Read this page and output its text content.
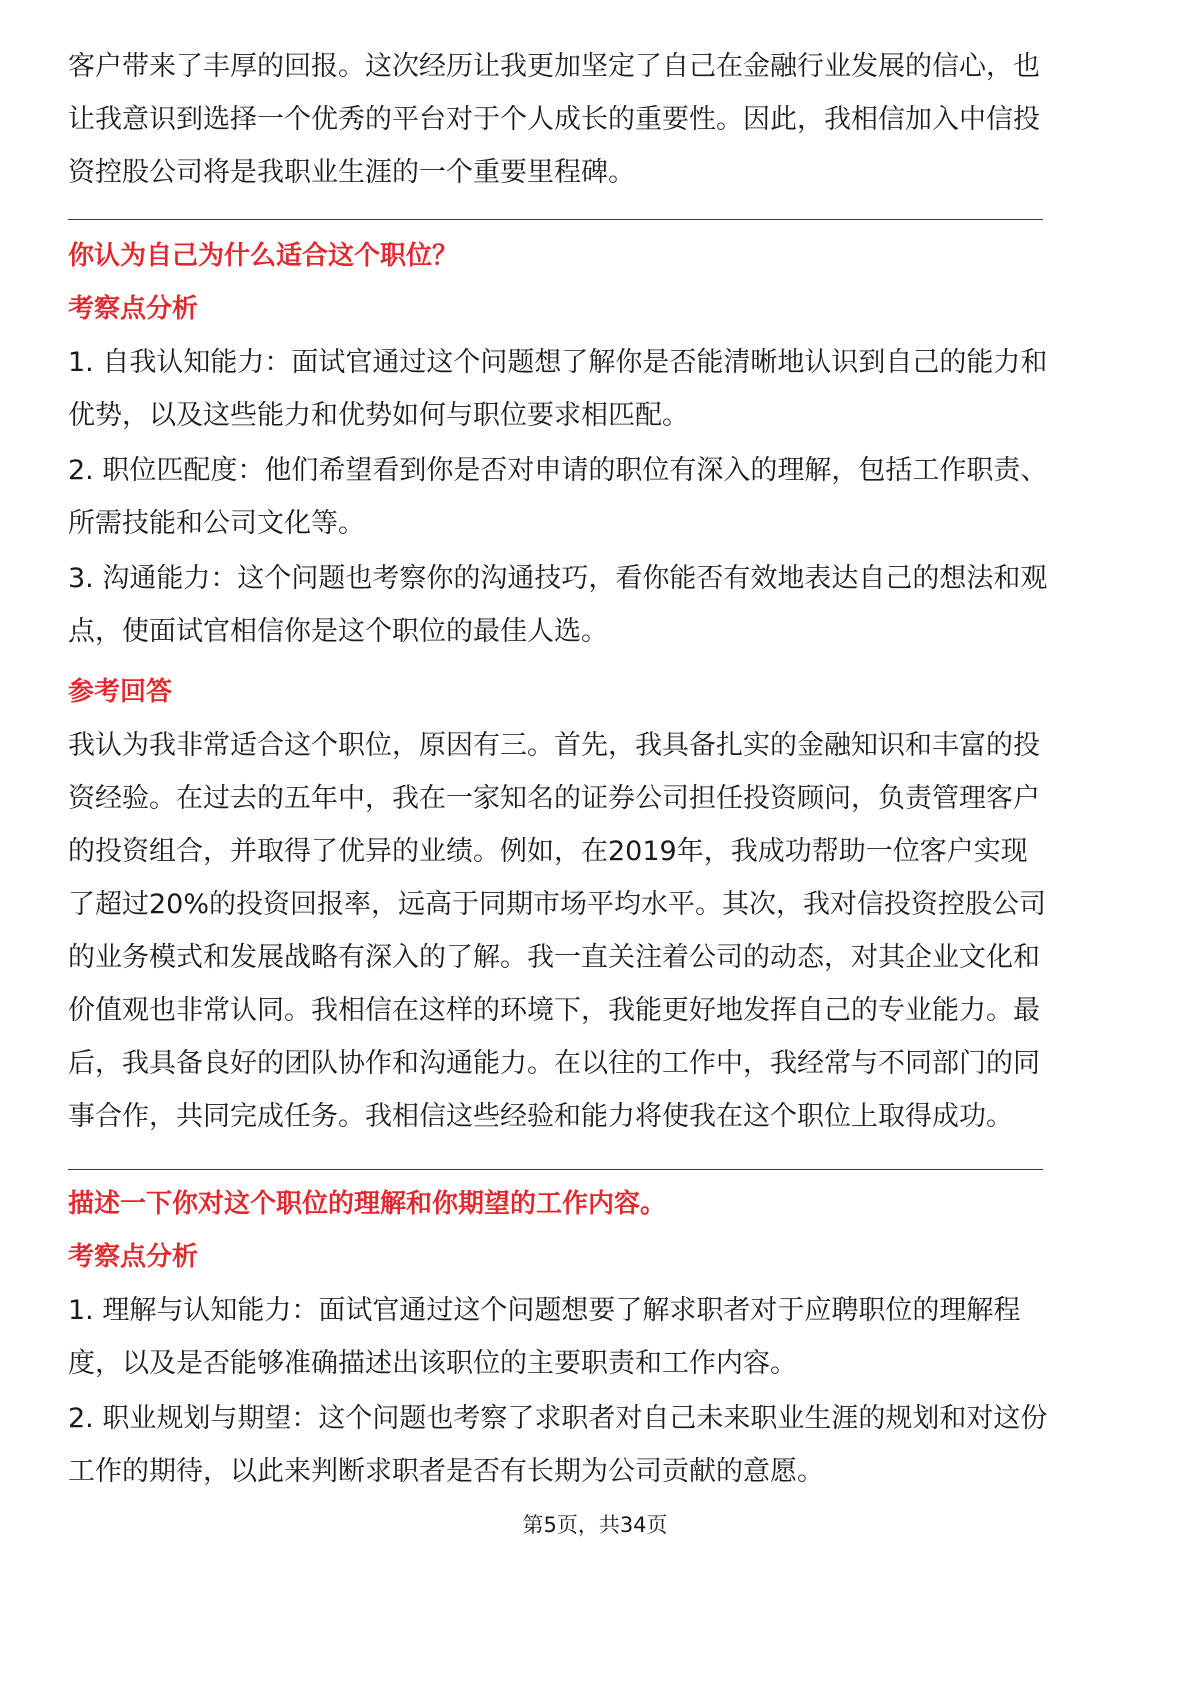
客户带来了丰厚的回报。这次经历让我更加坚定了自己在金融行业发展的信心，也让我意识到选择一个优秀的平台对于个人成长的重要性。因此，我相信加入中信投资控股公司将是我职业生涯的一个重要里程碑。

你认为自己为什么适合这个职位？

考察点分析

1. 自我认知能力：面试官通过这个问题想了解你是否能清晰地认识到自己的能力和优势，以及这些能力和优势如何与职位要求相匹配。

2. 职位匹配度：他们希望看到你是否对申请的职位有深入的理解，包括工作职责、所需技能和公司文化等。

3. 沟通能力：这个问题也考察你的沟通技巧，看你能否有效地表达自己的想法和观点，使面试官相信你是这个职位的最佳人选。

参考回答

我认为我非常适合这个职位，原因有三。首先，我具备扎实的金融知识和丰富的投资经验。在过去的五年中，我在一家知名的证券公司担任投资顾问，负责管理客户的投资组合，并取得了优异的业绩。例如，在2019年，我成功帮助一位客户实现了超过20%的投资回报率，远高于同期市场平均水平。其次，我对信投资控股公司的业务模式和发展战略有深入的了解。我一直关注着公司的动态，对其企业文化和价值观也非常认同。我相信在这样的环境下，我能更好地发挥自己的专业能力。最后，我具备良好的团队协作和沟通能力。在以往的工作中，我经常与不同部门的同事合作，共同完成任务。我相信这些经验和能力将使我在这个职位上取得成功。

描述一下你对这个职位的理解和你期望的工作内容。

考察点分析

1. 理解与认知能力：面试官通过这个问题想要了解求职者对于应聘职位的理解程度，以及是否能够准确描述出该职位的主要职责和工作内容。

2. 职业规划与期望：这个问题也考察了求职者对自己未来职业生涯的规划和对这份工作的期待，以此来判断求职者是否有长期为公司贡献的意愿。

第5页，共34页
